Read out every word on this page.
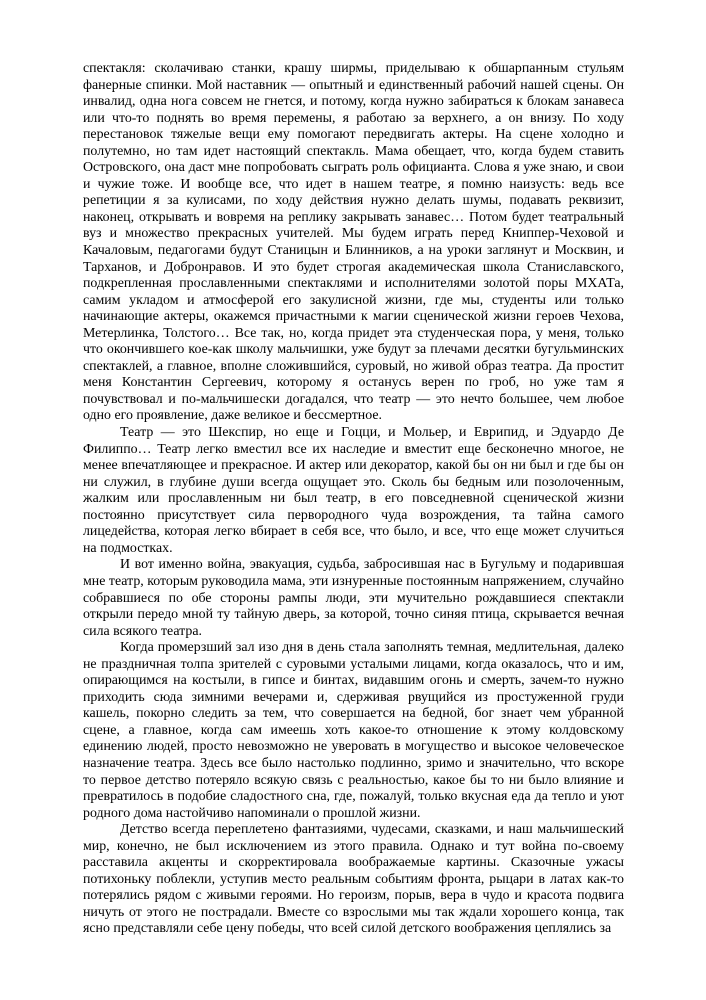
спектакля: сколачиваю станки, крашу ширмы, приделываю к обшарпанным стульям фанерные спинки. Мой наставник — опытный и единственный рабочий нашей сцены. Он инвалид, одна нога совсем не гнется, и потому, когда нужно забираться к блокам занавеса или что-то поднять во время перемены, я работаю за верхнего, а он внизу. По ходу перестановок тяжелые вещи ему помогают передвигать актеры. На сцене холодно и полутемно, но там идет настоящий спектакль. Мама обещает, что, когда будем ставить Островского, она даст мне попробовать сыграть роль официанта. Слова я уже знаю, и свои и чужие тоже. И вообще все, что идет в нашем театре, я помню наизусть: ведь все репетиции я за кулисами, по ходу действия нужно делать шумы, подавать реквизит, наконец, открывать и вовремя на реплику закрывать занавес… Потом будет театральный вуз и множество прекрасных учителей. Мы будем играть перед Книппер-Чеховой и Качаловым, педагогами будут Станицын и Блинников, а на уроки заглянут и Москвин, и Тарханов, и Добронравов. И это будет строгая академическая школа Станиславского, подкрепленная прославленными спектаклями и исполнителями золотой поры МХАТа, самим укладом и атмосферой его закулисной жизни, где мы, студенты или только начинающие актеры, окажемся причастными к магии сценической жизни героев Чехова, Метерлинка, Толстого… Все так, но, когда придет эта студенческая пора, у меня, только что окончившего кое-как школу мальчишки, уже будут за плечами десятки бугульминских спектаклей, а главное, вполне сложившийся, суровый, но живой образ театра. Да простит меня Константин Сергеевич, которому я останусь верен по гроб, но уже там я почувствовал и по-мальчишески догадался, что театр — это нечто большее, чем любое одно его проявление, даже великое и бессмертное.

Театр — это Шекспир, но еще и Гоцци, и Мольер, и Еврипид, и Эдуардо Де Филиппо… Театр легко вместил все их наследие и вместит еще бесконечно многое, не менее впечатляющее и прекрасное. И актер или декоратор, какой бы он ни был и где бы он ни служил, в глубине души всегда ощущает это. Сколь бы бедным или позолоченным, жалким или прославленным ни был театр, в его повседневной сценической жизни постоянно присутствует сила первородного чуда возрождения, та тайна самого лицедейства, которая легко вбирает в себя все, что было, и все, что еще может случиться на подмостках.

И вот именно война, эвакуация, судьба, забросившая нас в Бугульму и подарившая мне театр, которым руководила мама, эти изнуренные постоянным напряжением, случайно собравшиеся по обе стороны рампы люди, эти мучительно рождавшиеся спектакли открыли передо мной ту тайную дверь, за которой, точно синяя птица, скрывается вечная сила всякого театра.

Когда промерзший зал изо дня в день стала заполнять темная, медлительная, далеко не праздничная толпа зрителей с суровыми усталыми лицами, когда оказалось, что и им, опирающимся на костыли, в гипсе и бинтах, видавшим огонь и смерть, зачем-то нужно приходить сюда зимними вечерами и, сдерживая рвущийся из простуженной груди кашель, покорно следить за тем, что совершается на бедной, бог знает чем убранной сцене, а главное, когда сам имеешь хоть какое-то отношение к этому колдовскому единению людей, просто невозможно не уверовать в могущество и высокое человеческое назначение театра. Здесь все было настолько подлинно, зримо и значительно, что вскоре то первое детство потеряло всякую связь с реальностью, какое бы то ни было влияние и превратилось в подобие сладостного сна, где, пожалуй, только вкусная еда да тепло и уют родного дома настойчиво напоминали о прошлой жизни.

Детство всегда переплетено фантазиями, чудесами, сказками, и наш мальчишеский мир, конечно, не был исключением из этого правила. Однако и тут война по-своему расставила акценты и скорректировала воображаемые картины. Сказочные ужасы потихоньку поблекли, уступив место реальным событиям фронта, рыцари в латах как-то потерялись рядом с живыми героями. Но героизм, порыв, вера в чудо и красота подвига ничуть от этого не пострадали. Вместе со взрослыми мы так ждали хорошего конца, так ясно представляли себе цену победы, что всей силой детского воображения цеплялись за
